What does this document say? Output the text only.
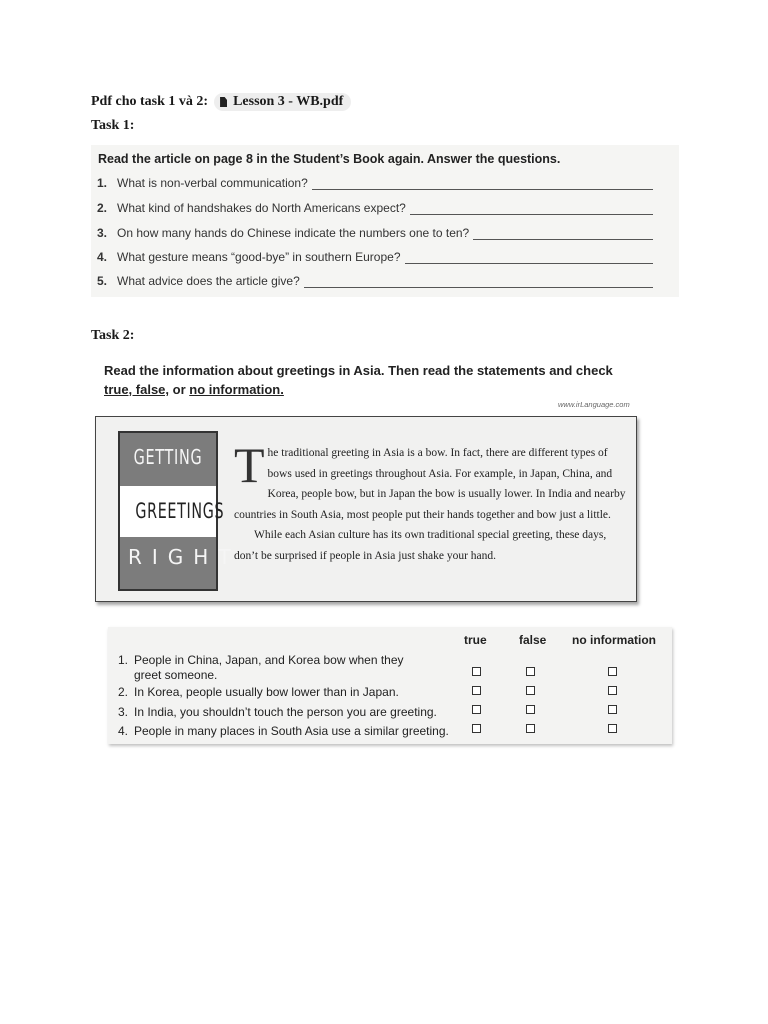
Pdf cho task 1 và 2: Lesson 3 - WB.pdf
Task 1:
Read the article on page 8 in the Student’s Book again. Answer the questions.
1. What is non-verbal communication?
2. What kind of handshakes do North Americans expect?
3. On how many hands do Chinese indicate the numbers one to ten?
4. What gesture means “good-bye” in southern Europe?
5. What advice does the article give?
Task 2:
Read the information about greetings in Asia. Then read the statements and check true, false, or no information.
www.irLanguage.com
GETTING
GREETINGS
RIGHT
The traditional greeting in Asia is a bow. In fact, there are different types of bows used in greetings throughout Asia. For example, in Japan, China, and Korea, people bow, but in Japan the bow is usually lower. In India and nearby countries in South Asia, most people put their hands together and bow just a little.
While each Asian culture has its own traditional special greeting, these days, don’t be surprised if people in Asia just shake your hand.
true	false no information
1. People in China, Japan, and Korea bow when they greet someone.
2. In Korea, people usually bow lower than in Japan.
3. In India, you shouldn’t touch the person you are greeting.
4. People in many places in South Asia use a similar greeting.
